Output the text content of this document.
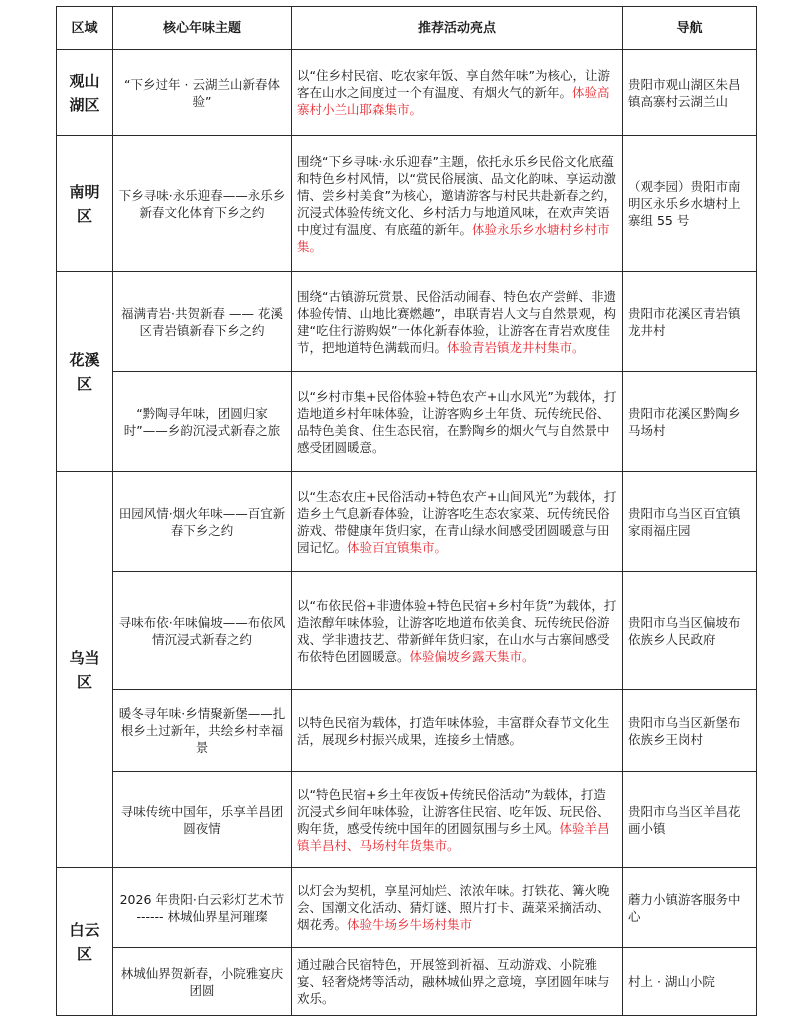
区域	核心年味主题	推荐活动亮点	导航
观山湖区	“下乡过年 · 云湖兰山新春体验”	以“住乡村民宿、吃农家年饭、享自然年味”为核心，让游客在山水之间度过一个有温度、有烟火气的新年。体验高寨村小兰山耶森集市。	贵阳市观山湖区朱昌镇高寨村云湖兰山
南明区	下乡寻味·永乐迎春——永乐乡新春文化体育下乡之约	围绕“下乡寻味·永乐迎春”主题，依托永乐乡民俗文化底蕴和特色乡村风情，以“赏民俗展演、品文化韵味、享运动激情、尝乡村美食”为核心，邀请游客与村民共赴新春之约，沉浸式体验传统文化、乡村活力与地道风味，在欢声笑语中度过有温度、有底蕴的新年。体验永乐乡水塘村乡村市集。	（观李园）贵阳市南明区永乐乡水塘村上寨组 55 号
花溪区	福满青岩·共贺新春 —— 花溪区青岩镇新春下乡之约	围绕“古镇游玩赏景、民俗活动闹春、特色农产尝鲜、非遗体验传情、山地比赛燃趣”，串联青岩人文与自然景观，构建“吃住行游购娱”一体化新春体验，让游客在青岩欢度佳节，把地道特色满载而归。体验青岩镇龙井村集市。	贵阳市花溪区青岩镇龙井村
	“黔陶寻年味，团圆归家时”——乡韵沉浸式新春之旅	以“乡村市集+民俗体验+特色农产+山水风光”为载体，打造地道乡村年味体验，让游客购乡土年货、玩传统民俗、品特色美食、住生态民宿，在黔陶乡的烟火气与自然景中感受团圆暖意。	贵阳市花溪区黔陶乡马场村
乌当区	田园风情·烟火年味——百宜新春下乡之约	以“生态农庄+民俗活动+特色农产+山间风光”为载体，打造乡土气息新春体验，让游客吃生态农家菜、玩传统民俗游戏、带健康年货归家，在青山绿水间感受团圆暖意与田园记忆。体验百宜镇集市。	贵阳市乌当区百宜镇家雨福庄园
	寻味布依·年味偏坡——布依风情沉浸式新春之约	以“布依民俗+非遗体验+特色民宿+乡村年货”为载体，打造浓醇年味体验，让游客吃地道布依美食、玩传统民俗游戏、学非遗技艺、带新鲜年货归家，在山水与古寨间感受布依特色团圆暖意。体验偏坡乡露天集市。	贵阳市乌当区偏坡布依族乡人民政府
	暖冬寻年味·乡情聚新堡——扎根乡土过新年，共绘乡村幸福景	以特色民宿为载体，打造年味体验，丰富群众春节文化生活，展现乡村振兴成果，连接乡土情感。	贵阳市乌当区新堡布依族乡王岗村
	寻味传统中国年，乐享羊昌团圆夜情	以“特色民宿+乡土年夜饭+传统民俗活动”为载体，打造沉浸式乡间年味体验，让游客住民宿、吃年饭、玩民俗、购年货，感受传统中国年的团圆氛围与乡土风。体验羊昌镇羊昌村、马场村年货集市。	贵阳市乌当区羊昌花画小镇
白云区	2026 年贵阳·白云彩灯艺术节 ------ 林城仙界星河璀璨	以灯会为契机，享星河灿烂、浓浓年味。打铁花、篝火晚会、国潮文化活动、猜灯谜、照片打卡、蔬菜采摘活动、烟花秀。体验牛场乡牛场村集市	蘑力小镇游客服务中心
	林城仙界贺新春，小院雅宴庆团圆	通过融合民宿特色，开展签到祈福、互动游戏、小院雅宴、轻奢烧烤等活动，融林城仙界之意境，享团圆年味与欢乐。	村上 · 湖山小院
